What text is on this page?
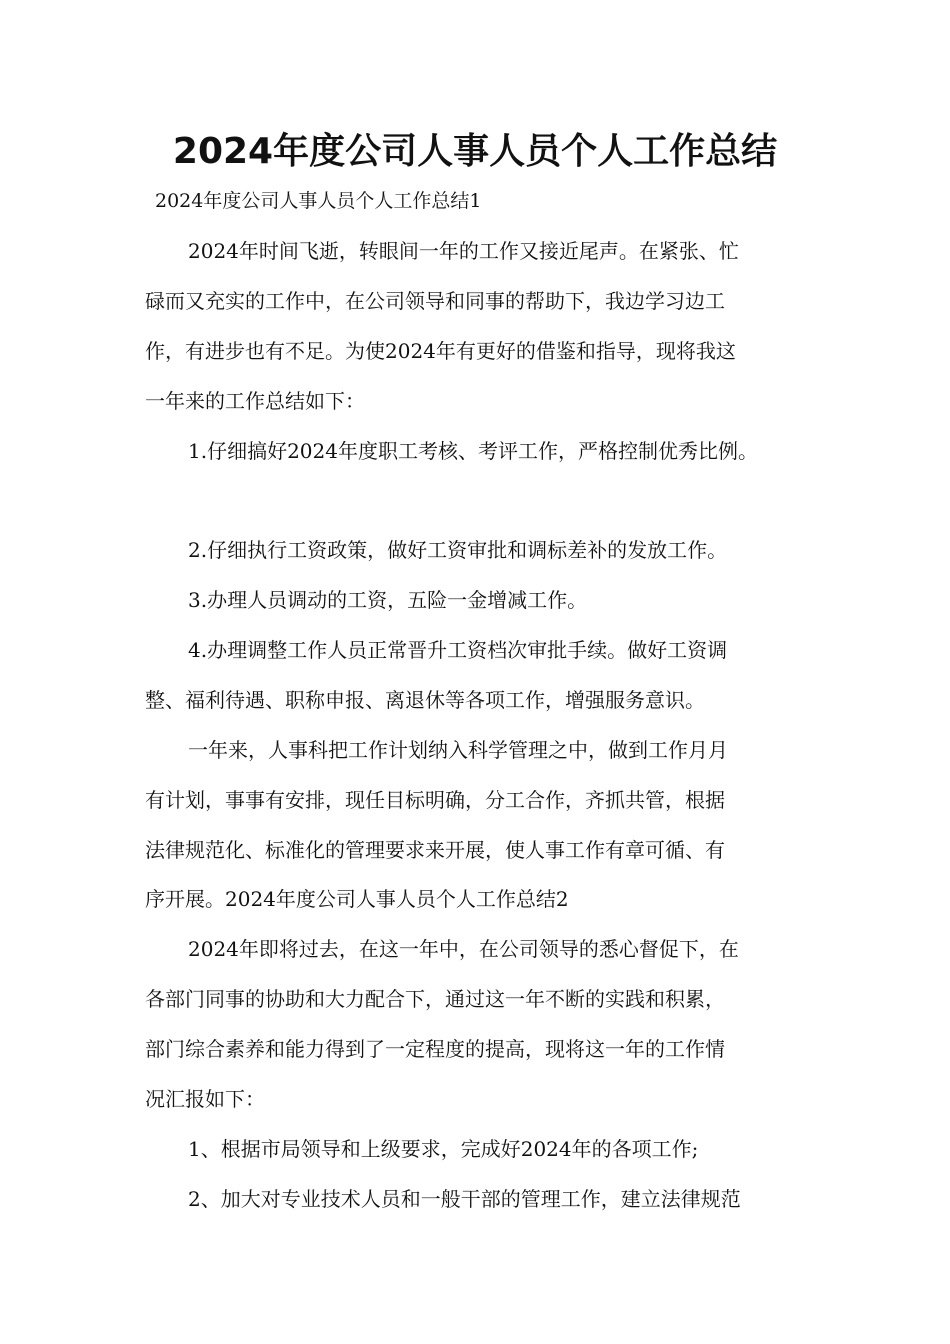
2024年度公司人事人员个人工作总结
2024年度公司人事人员个人工作总结1
2024年时间飞逝，转眼间一年的工作又接近尾声。在紧张、忙
碌而又充实的工作中，在公司领导和同事的帮助下，我边学习边工
作，有进步也有不足。为使2024年有更好的借鉴和指导，现将我这
一年来的工作总结如下：
1.仔细搞好2024年度职工考核、考评工作，严格控制优秀比例。
2.仔细执行工资政策，做好工资审批和调标差补的发放工作。
3.办理人员调动的工资，五险一金增减工作。
4.办理调整工作人员正常晋升工资档次审批手续。做好工资调
整、福利待遇、职称申报、离退休等各项工作，增强服务意识。
一年来，人事科把工作计划纳入科学管理之中，做到工作月月
有计划，事事有安排，现任目标明确，分工合作，齐抓共管，根据
法律规范化、标准化的管理要求来开展，使人事工作有章可循、有
序开展。2024年度公司人事人员个人工作总结2
2024年即将过去，在这一年中，在公司领导的悉心督促下，在
各部门同事的协助和大力配合下，通过这一年不断的实践和积累，
部门综合素养和能力得到了一定程度的提高，现将这一年的工作情
况汇报如下：
1、根据市局领导和上级要求，完成好2024年的各项工作;
2、加大对专业技术人员和一般干部的管理工作，建立法律规范
